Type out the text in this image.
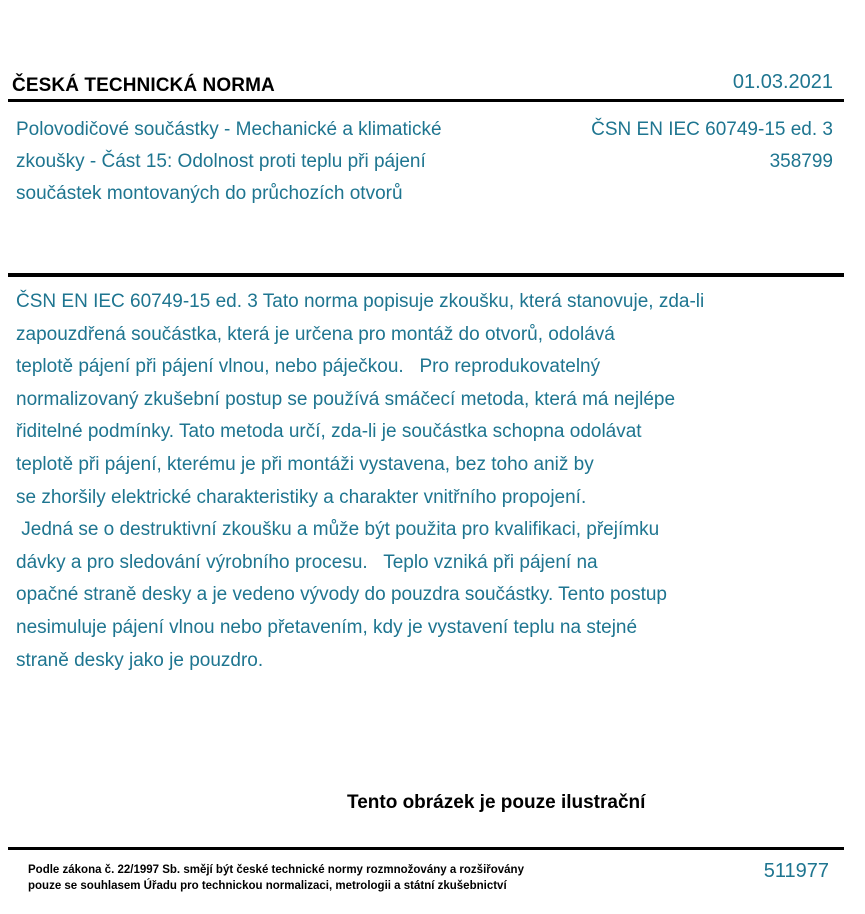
ČESKÁ TECHNICKÁ NORMA	01.03.2021
Polovodičové součástky - Mechanické a klimatické
zkoušky - Část 15: Odolnost proti teplu při pájení
součástek montovaných do průchozích otvorů
ČSN EN IEC 60749-15 ed. 3
358799
ČSN EN IEC 60749-15 ed. 3 Tato norma popisuje zkoušku, která stanovuje, zda-li
zapouzdřená součástka, která je určena pro montáž do otvorů, odolává
teplotě pájení při pájení vlnou, nebo páječkou.   Pro reprodukovatelný
normalizovaný zkušební postup se používá smáčecí metoda, která má nejlépe
řiditelné podmínky. Tato metoda určí, zda-li je součástka schopna odolávat
teplotě při pájení, kterému je při montáži vystavena, bez toho aniž by
se zhoršily elektrické charakteristiky a charakter vnitřního propojení.
Jedná se o destruktivní zkoušku a může být použita pro kvalifikaci, přejímku
dávky a pro sledování výrobního procesu.   Teplo vzniká při pájení na
opačné straně desky a je vedeno vývody do pouzdra součástky. Tento postup
nesimuluje pájení vlnou nebo přetavením, kdy je vystavení teplu na stejné
straně desky jako je pouzdro.
Tento obrázek je pouze ilustrační
Podle zákona č. 22/1997 Sb. smějí být české technické normy rozmnožovány a rozšiřovány
pouze se souhlasem Úřadu pro technickou normalizaci, metrologii a státní zkušebnictví
511977
